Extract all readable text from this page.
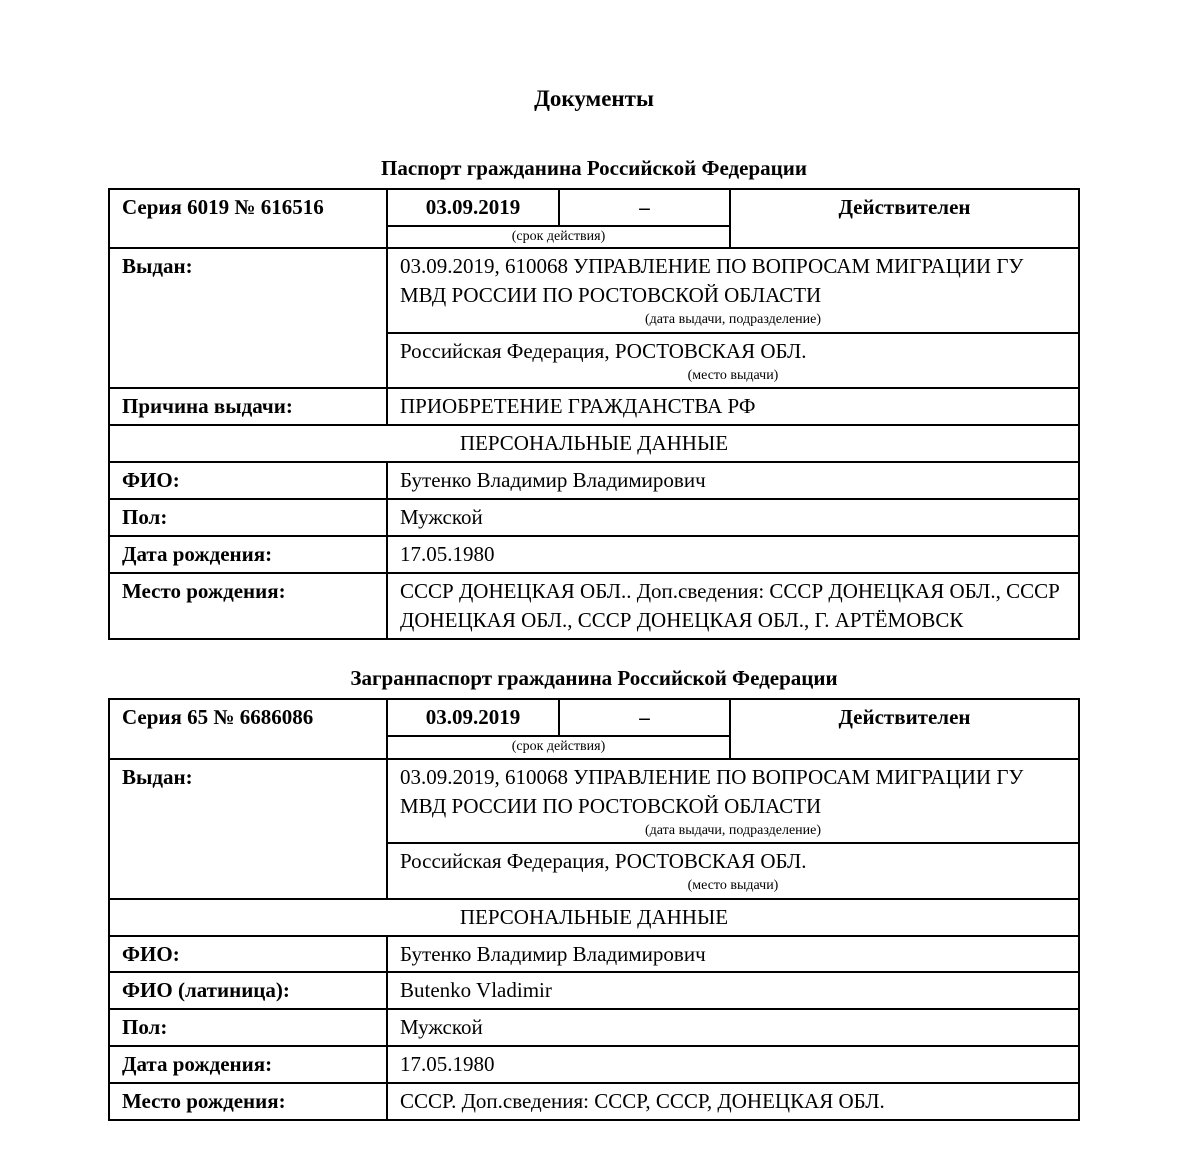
Документы
Паспорт гражданина Российской Федерации
Серия 6019 № 616516	03.09.2019	–	Действителен
	(срок действия)		
Выдан:	03.09.2019, 610068 УПРАВЛЕНИЕ ПО ВОПРОСАМ МИГРАЦИИ ГУ МВД РОССИИ ПО РОСТОВСКОЙ ОБЛАСТИ
(дата выдачи, подразделение)		

	Российская Федерация, РОСТОВСКАЯ ОБЛ.
(место выдачи)		

Причина выдачи:	ПРИОБРЕТЕНИЕ ГРАЖДАНСТВА РФ		
ПЕРСОНАЛЬНЫЕ ДАННЫЕ			
ФИО:	Бутенко Владимир Владимирович		
Пол:	Мужской		
Дата рождения:	17.05.1980		
Место рождения:	СССР ДОНЕЦКАЯ ОБЛ.. Доп.сведения: СССР ДОНЕЦКАЯ ОБЛ., СССР ДОНЕЦКАЯ ОБЛ., СССР ДОНЕЦКАЯ ОБЛ., Г. АРТЁМОВСК		
Загранпаспорт гражданина Российской Федерации
Серия 65 № 6686086	03.09.2019	–	Действителен
	(срок действия)		
Выдан:	03.09.2019, 610068 УПРАВЛЕНИЕ ПО ВОПРОСАМ МИГРАЦИИ ГУ МВД РОССИИ ПО РОСТОВСКОЙ ОБЛАСТИ
(дата выдачи, подразделение)		

	Российская Федерация, РОСТОВСКАЯ ОБЛ.
(место выдачи)		

ПЕРСОНАЛЬНЫЕ ДАННЫЕ			
ФИО:	Бутенко Владимир Владимирович		
ФИО (латиница):	Butenko Vladimir		
Пол:	Мужской		
Дата рождения:	17.05.1980		
Место рождения:	СССР. Доп.сведения: СССР, СССР, ДОНЕЦКАЯ ОБЛ.		
